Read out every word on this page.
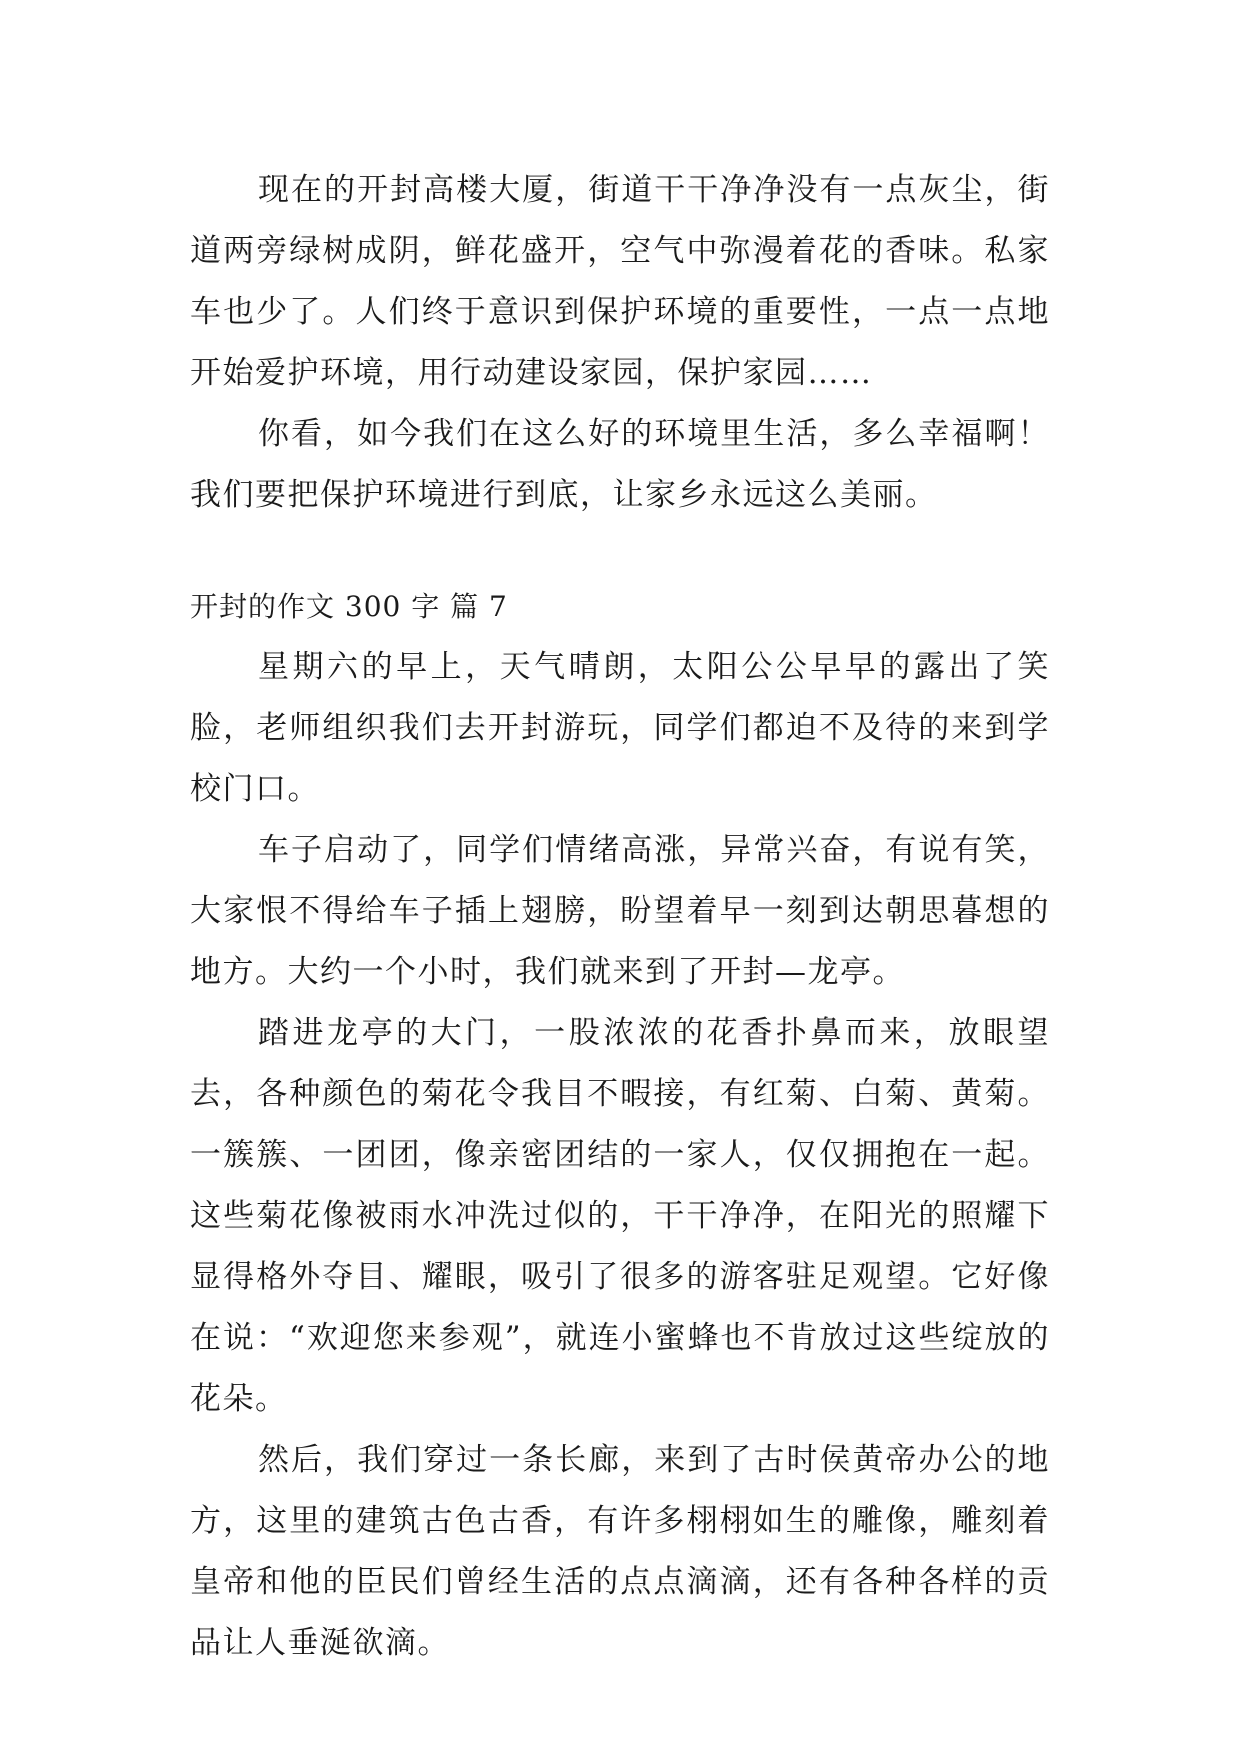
现在的开封高楼大厦，街道干干净净没有一点灰尘，街道两旁绿树成阴，鲜花盛开，空气中弥漫着花的香味。私家车也少了。人们终于意识到保护环境的重要性，一点一点地开始爱护环境，用行动建设家园，保护家园……

你看，如今我们在这么好的环境里生活，多么幸福啊！我们要把保护环境进行到底，让家乡永远这么美丽。

开封的作文 300 字 篇 7

星期六的早上，天气晴朗，太阳公公早早的露出了笑脸，老师组织我们去开封游玩，同学们都迫不及待的来到学校门口。

车子启动了，同学们情绪高涨，异常兴奋，有说有笑，大家恨不得给车子插上翅膀，盼望着早一刻到达朝思暮想的地方。大约一个小时，我们就来到了开封—龙亭。

踏进龙亭的大门，一股浓浓的花香扑鼻而来，放眼望去，各种颜色的菊花令我目不暇接，有红菊、白菊、黄菊。一簇簇、一团团，像亲密团结的一家人，仅仅拥抱在一起。这些菊花像被雨水冲洗过似的，干干净净，在阳光的照耀下显得格外夺目、耀眼，吸引了很多的游客驻足观望。它好像在说：“欢迎您来参观”，就连小蜜蜂也不肯放过这些绽放的花朵。

然后，我们穿过一条长廊，来到了古时侯黄帝办公的地方，这里的建筑古色古香，有许多栩栩如生的雕像，雕刻着皇帝和他的臣民们曾经生活的点点滴滴，还有各种各样的贡品让人垂涎欲滴。
